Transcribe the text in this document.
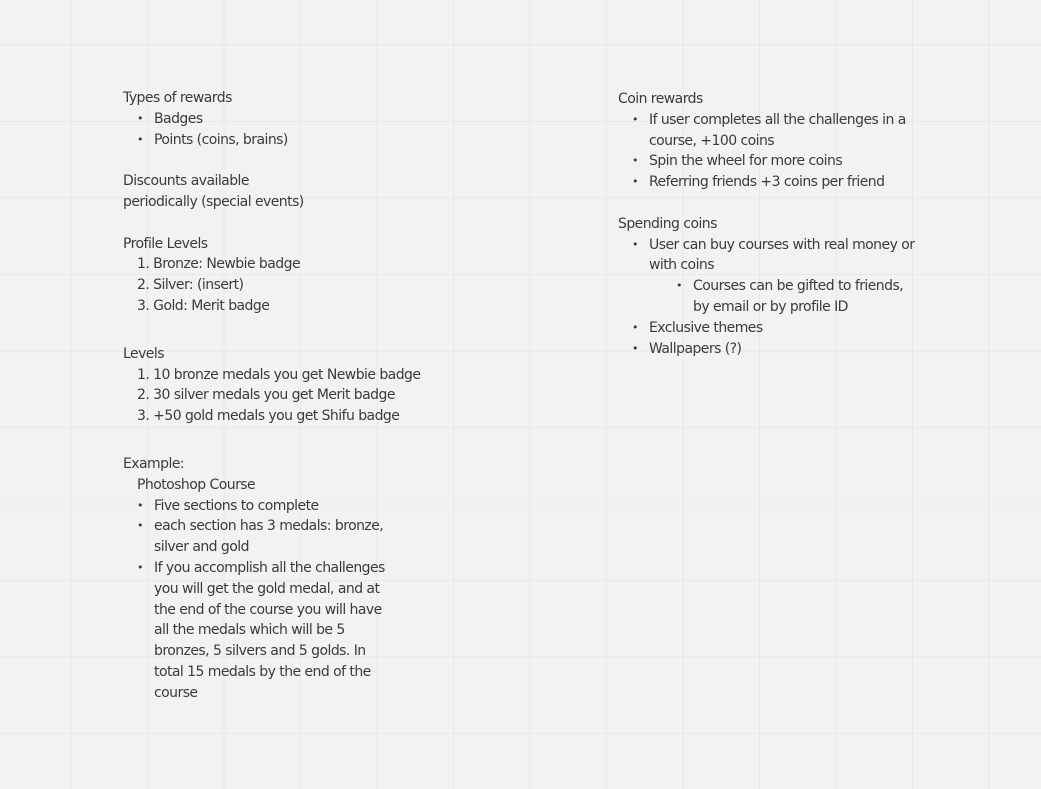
Types of rewards
• Badges
• Points (coins, brains)
Discounts available
periodically (special events)
Profile Levels
1. Bronze: Newbie badge
2. Silver: (insert)
3. Gold: Merit badge
Levels
1. 10 bronze medals you get Newbie badge
2. 30 silver medals you get Merit badge
3. +50 gold medals you get Shifu badge
Example:
Photoshop Course
• Five sections to complete
• each section has 3 medals: bronze, silver and gold
• If you accomplish all the challenges you will get the gold medal, and at the end of the course you will have all the medals which will be 5 bronzes, 5 silvers and 5 golds. In total 15 medals by the end of the course
Coin rewards
• If user completes all the challenges in a course, +100 coins
• Spin the wheel for more coins
• Referring friends +3 coins per friend
Spending coins
• User can buy courses with real money or with coins
• Courses can be gifted to friends, by email or by profile ID
• Exclusive themes
• Wallpapers (?)
